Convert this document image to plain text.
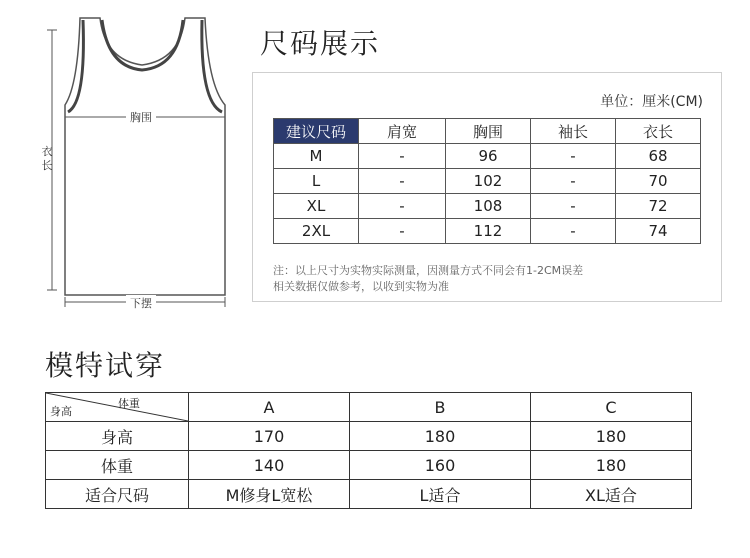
胸围
衣长
下摆
尺码展示
单位：厘米(CM)
建议尺码	肩宽	胸围	袖长	衣长
M	-	96	-	68
L	-	102	-	70
XL	-	108	-	72
2XL	-	112	-	74
注：以上尺寸为实物实际测量，因测量方式不同会有1-2CM误差
相关数据仅做参考，以收到实物为准
模特试穿
体重
身高	A	B	C
身高	170	180	180
体重	140	160	180
适合尺码	M修身L宽松	L适合	XL适合
